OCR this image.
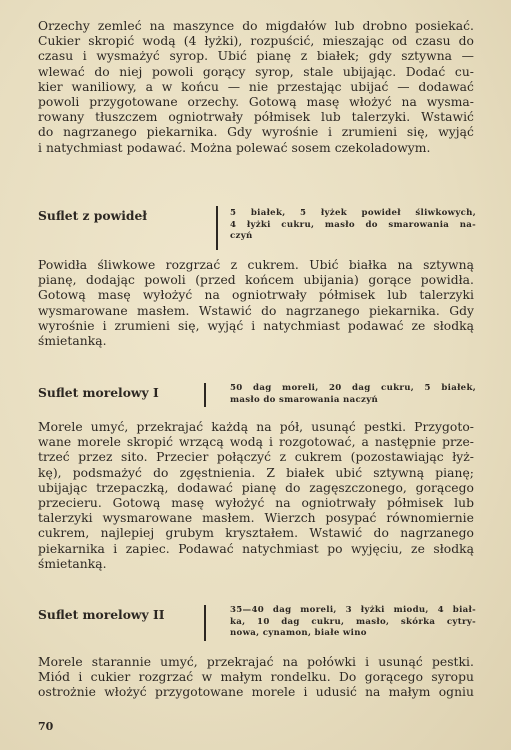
Orzechy zemleć na maszynce do migdałów lub drobno posiekać.
Cukier skropić wodą (4 łyżki), rozpuścić, mieszając od czasu do
czasu i wysmażyć syrop. Ubić pianę z białek; gdy sztywna —
wlewać do niej powoli gorący syrop, stale ubijając. Dodać cu-
kier waniliowy, a w końcu — nie przestając ubijać — dodawać
powoli przygotowane orzechy. Gotową masę włożyć na wysma-
rowany tłuszczem ogniotrwały półmisek lub talerzyki. Wstawić
do nagrzanego piekarnika. Gdy wyrośnie i zrumieni się, wyjąć
i natychmiast podawać. Można polewać sosem czekoladowym.

Suflet z powideł	5 białek, 5 łyżek powideł śliwkowych,
4 łyżki cukru, masło do smarowania na-
czyń

Powidła śliwkowe rozgrzać z cukrem. Ubić białka na sztywną
pianę, dodając powoli (przed końcem ubijania) gorące powidła.
Gotową masę wyłożyć na ogniotrwały półmisek lub talerzyki
wysmarowane masłem. Wstawić do nagrzanego piekarnika. Gdy
wyrośnie i zrumieni się, wyjąć i natychmiast podawać ze słodką
śmietanką.

Suflet morelowy I	50 dag moreli, 20 dag cukru, 5 białek,
masło do smarowania naczyń

Morele umyć, przekrajać każdą na pół, usunąć pestki. Przygoto-
wane morele skropić wrzącą wodą i rozgotować, a następnie prze-
trzeć przez sito. Przecier połączyć z cukrem (pozostawiając łyż-
kę), podsmażyć do zgęstnienia. Z białek ubić sztywną pianę;
ubijając trzepaczką, dodawać pianę do zagęszczonego, gorącego
przecieru. Gotową masę wyłożyć na ogniotrwały półmisek lub
talerzyki wysmarowane masłem. Wierzch posypać równomiernie
cukrem, najlepiej grubym kryształem. Wstawić do nagrzanego
piekarnika i zapiec. Podawać natychmiast po wyjęciu, ze słodką
śmietanką.

Suflet morelowy II	35—40 dag moreli, 3 łyżki miodu, 4 biał-
ka, 10 dag cukru, masło, skórka cytry-
nowa, cynamon, białe wino

Morele starannie umyć, przekrajać na połówki i usunąć pestki.
Miód i cukier rozgrzać w małym rondelku. Do gorącego syropu
ostrożnie włożyć przygotowane morele i udusić na małym ogniu

70
